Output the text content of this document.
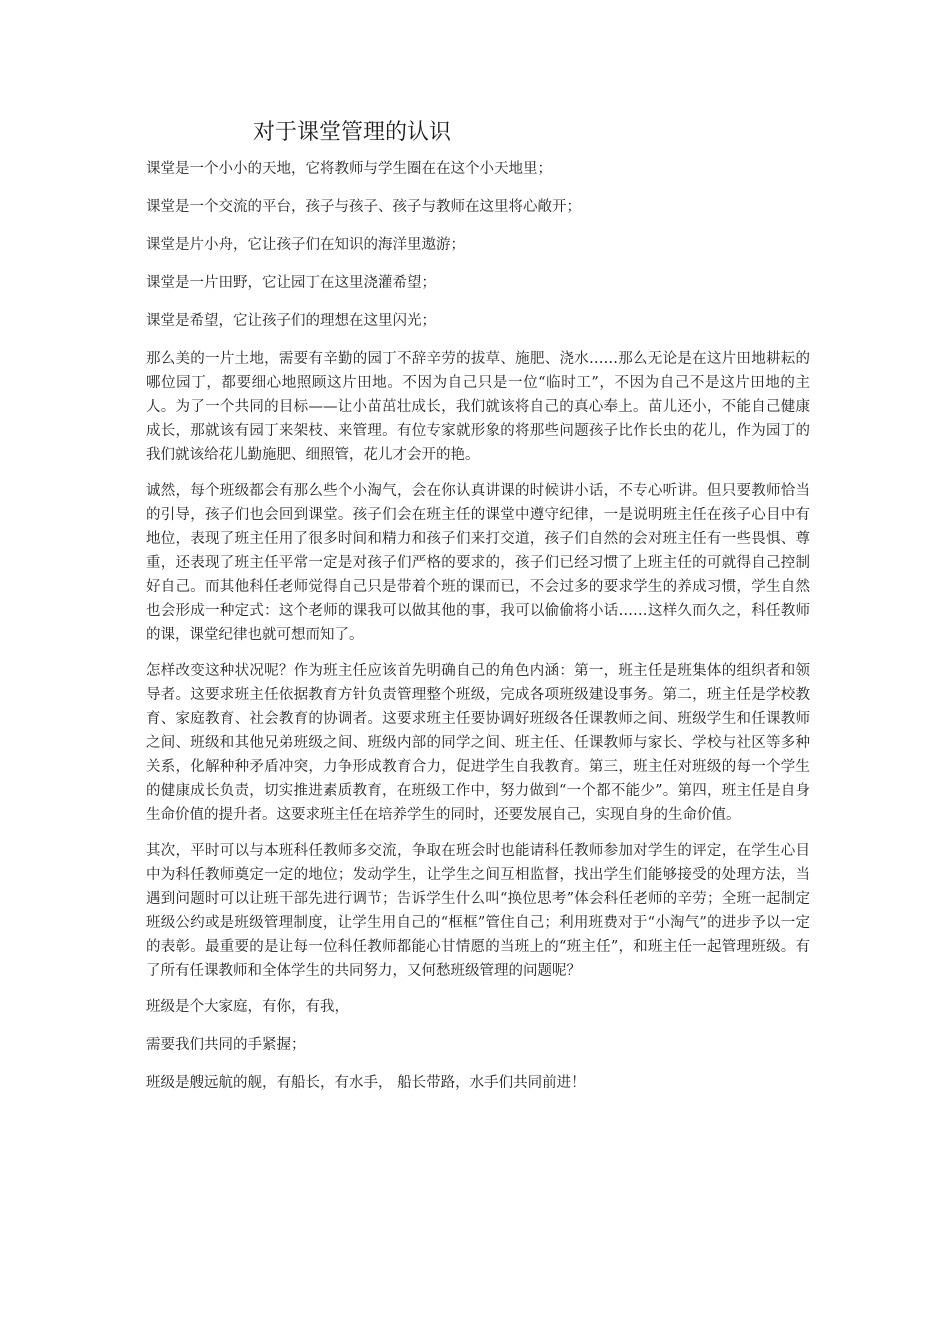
对于课堂管理的认识

课堂是一个小小的天地，它将教师与学生圈在在这个小天地里；

课堂是一个交流的平台，孩子与孩子、孩子与教师在这里将心敞开；

课堂是片小舟，它让孩子们在知识的海洋里遨游；

课堂是一片田野，它让园丁在这里浇灌希望；

课堂是希望，它让孩子们的理想在这里闪光；

那么美的一片土地，需要有辛勤的园丁不辞辛劳的拔草、施肥、浇水……那么无论是在这片田地耕耘的哪位园丁，都要细心地照顾这片田地。不因为自己只是一位“临时工”，不因为自己不是这片田地的主人。为了一个共同的目标——让小苗茁壮成长，我们就该将自己的真心奉上。苗儿还小，不能自己健康成长，那就该有园丁来架枝、来管理。有位专家就形象的将那些问题孩子比作长虫的花儿，作为园丁的我们就该给花儿勤施肥、细照管，花儿才会开的艳。

诚然，每个班级都会有那么些个小淘气，会在你认真讲课的时候讲小话，不专心听讲。但只要教师恰当的引导，孩子们也会回到课堂。孩子们会在班主任的课堂中遵守纪律，一是说明班主任在孩子心目中有地位，表现了班主任用了很多时间和精力和孩子们来打交道，孩子们自然的会对班主任有一些畏惧、尊重，还表现了班主任平常一定是对孩子们严格的要求的，孩子们已经习惯了上班主任的可就得自己控制好自己。而其他科任老师觉得自己只是带着个班的课而已，不会过多的要求学生的养成习惯，学生自然也会形成一种定式：这个老师的课我可以做其他的事，我可以偷偷将小话……这样久而久之，科任教师的课，课堂纪律也就可想而知了。

怎样改变这种状况呢？作为班主任应该首先明确自己的角色内涵：第一，班主任是班集体的组织者和领导者。这要求班主任依据教育方针负责管理整个班级，完成各项班级建设事务。第二，班主任是学校教育、家庭教育、社会教育的协调者。这要求班主任要协调好班级各任课教师之间、班级学生和任课教师之间、班级和其他兄弟班级之间、班级内部的同学之间、班主任、任课教师与家长、学校与社区等多种关系，化解种种矛盾冲突，力争形成教育合力，促进学生自我教育。第三，班主任对班级的每一个学生的健康成长负责，切实推进素质教育，在班级工作中，努力做到“一个都不能少”。第四，班主任是自身生命价值的提升者。这要求班主任在培养学生的同时，还要发展自己，实现自身的生命价值。

其次，平时可以与本班科任教师多交流，争取在班会时也能请科任教师参加对学生的评定，在学生心目中为科任教师奠定一定的地位；发动学生，让学生之间互相监督，找出学生们能够接受的处理方法，当遇到问题时可以让班干部先进行调节；告诉学生什么叫“换位思考”体会科任老师的辛劳；全班一起制定班级公约或是班级管理制度，让学生用自己的“框框”管住自己；利用班费对于“小淘气”的进步予以一定的表彰。最重要的是让每一位科任教师都能心甘情愿的当班上的“班主任”，和班主任一起管理班级。有了所有任课教师和全体学生的共同努力，又何愁班级管理的问题呢？

班级是个大家庭，有你，有我，

需要我们共同的手紧握；

班级是艘远航的舰，有船长，有水手， 船长带路，水手们共同前进！
